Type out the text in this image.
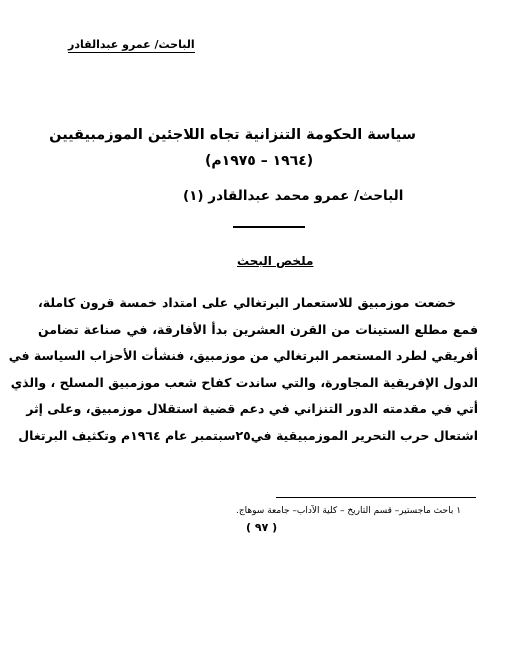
الباحث/ عمرو عبدالقادر
سياسة الحكومة التنزانية تجاه اللاجئين الموزمبيقيين
(١٩٦٤ – ١٩٧٥م)
الباحث/ عمرو محمد عبدالقادر (١)
ملخص البحث
خضعت موزمبيق للاستعمار البرتغالي على امتداد خمسة قرون كاملة،
فمع مطلع الستينات من القرن العشرين بدأ الأفارقة، في صناعة تضامن
أفريقي لطرد المستعمر البرتغالي من موزمبيق، فنشأت الأحزاب السياسة في
الدول الإفريقية المجاورة، والتي ساندت كفاح شعب موزمبيق المسلح ، والذي
أتي في مقدمته الدور التنزاني في دعم قضية استقلال موزمبيق، وعلى إثر
اشتعال حرب التحرير الموزمبيقية في٢٥سبتمبر عام ١٩٦٤م وتكثيف البرتغال
١ باحث ماجستير– قسم التاريخ – كلية الآداب– جامعة سوهاج.
( ٩٧ )
